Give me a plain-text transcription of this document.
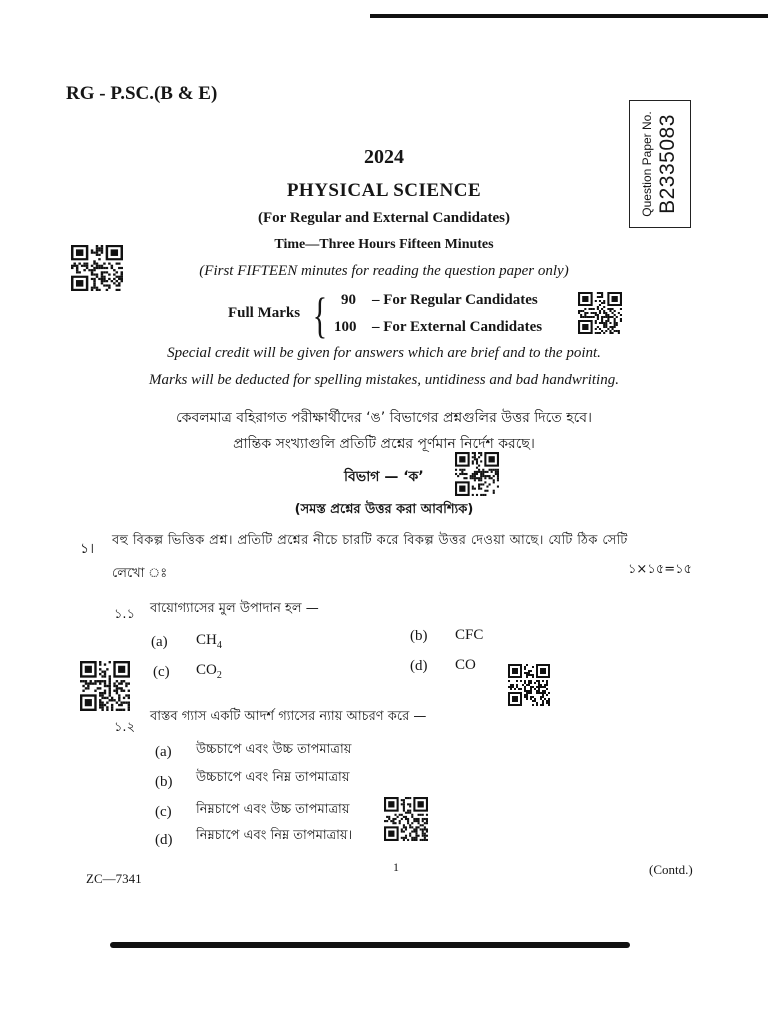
RG - P.SC.(B & E)
Question Paper No. B2335083
2024
PHYSICAL SCIENCE
(For Regular and External Candidates)
Time—Three Hours Fifteen Minutes
(First FIFTEEN minutes for reading the question paper only)
Full Marks { 90 – For Regular Candidates
100 – For External Candidates
Special credit will be given for answers which are brief and to the point.
Marks will be deducted for spelling mistakes, untidiness and bad handwriting.
কেবলমাত্র বহিরাগত পরীক্ষার্থীদের ‘ঙ’ বিভাগের প্রশ্নগুলির উত্তর দিতে হবে।
প্রান্তিক সংখ্যাগুলি প্রতিটি প্রশ্নের পূর্ণমান নির্দেশ করছে।
বিভাগ — ‘ক’
(সমস্ত প্রশ্নের উত্তর করা আবশ্যিক)
১।
বহু বিকল্প ভিত্তিক প্রশ্ন। প্রতিটি প্রশ্নের নীচে চারটি করে বিকল্প উত্তর দেওয়া আছে। যেটি ঠিক সেটি
লেখো ঃ	১×১৫=১৫
১.১ বায়োগ্যাসের মুল উপাদান হল —
(a) $CH_4$
(b) CFC
(c) $CO_2$
(d) CO
১.২
বাস্তব গ্যাস একটি আদর্শ গ্যাসের ন্যায় আচরণ করে —
(a) উচ্চচাপে এবং উচ্চ তাপমাত্রায়
(b) উচ্চচাপে এবং নিম্ন তাপমাত্রায়
(c) নিম্নচাপে এবং উচ্চ তাপমাত্রায়
(d) নিম্নচাপে এবং নিম্ন তাপমাত্রায়।
ZC—7341
1	(Contd.)
